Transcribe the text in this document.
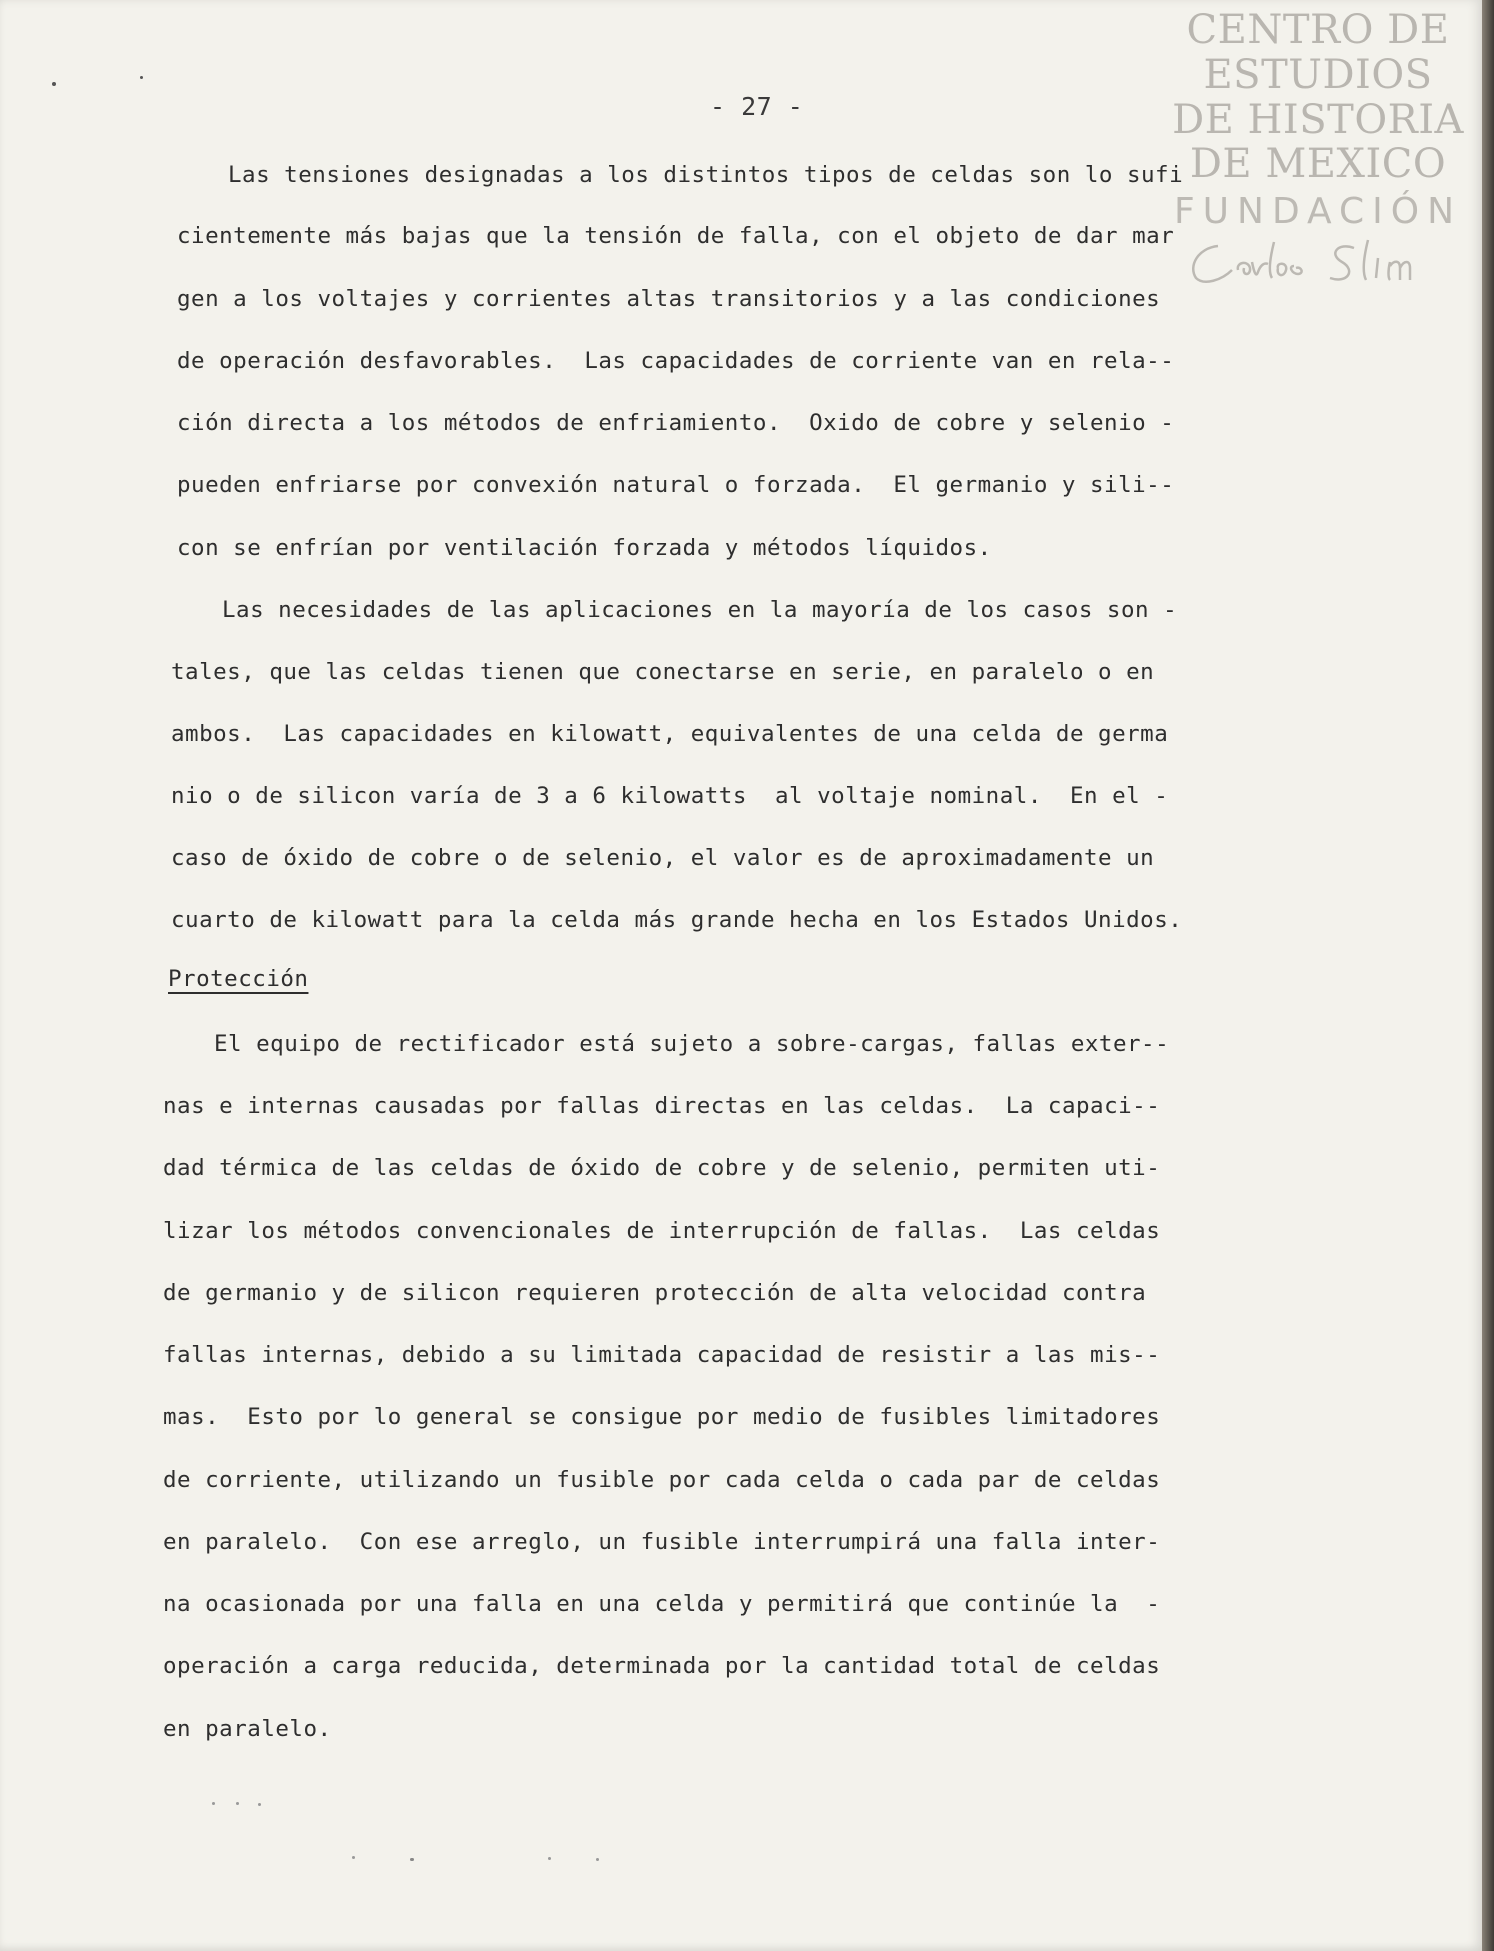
- 27 -
Las tensiones designadas a los distintos tipos de celdas son lo sufi
cientemente más bajas que la tensión de falla, con el objeto de dar mar
gen a los voltajes y corrientes altas transitorios y a las condiciones
de operación desfavorables.  Las capacidades de corriente van en rela--
ción directa a los métodos de enfriamiento.  Oxido de cobre y selenio -
pueden enfriarse por convexión natural o forzada.  El germanio y sili--
con se enfrían por ventilación forzada y métodos líquidos.
Las necesidades de las aplicaciones en la mayoría de los casos son -
tales, que las celdas tienen que conectarse en serie, en paralelo o en
ambos.  Las capacidades en kilowatt, equivalentes de una celda de germa
nio o de silicon varía de 3 a 6 kilowatts  al voltaje nominal.  En el -
caso de óxido de cobre o de selenio, el valor es de aproximadamente un
cuarto de kilowatt para la celda más grande hecha en los Estados Unidos.
Protección
El equipo de rectificador está sujeto a sobre-cargas, fallas exter--
nas e internas causadas por fallas directas en las celdas.  La capaci--
dad térmica de las celdas de óxido de cobre y de selenio, permiten uti-
lizar los métodos convencionales de interrupción de fallas.  Las celdas
de germanio y de silicon requieren protección de alta velocidad contra
fallas internas, debido a su limitada capacidad de resistir a las mis--
mas.  Esto por lo general se consigue por medio de fusibles limitadores
de corriente, utilizando un fusible por cada celda o cada par de celdas
en paralelo.  Con ese arreglo, un fusible interrumpirá una falla inter-
na ocasionada por una falla en una celda y permitirá que continúe la  -
operación a carga reducida, determinada por la cantidad total de celdas
en paralelo.
CENTRO DE
ESTUDIOS
DE HISTORIA
DE MEXICO
FUNDACIÓN
